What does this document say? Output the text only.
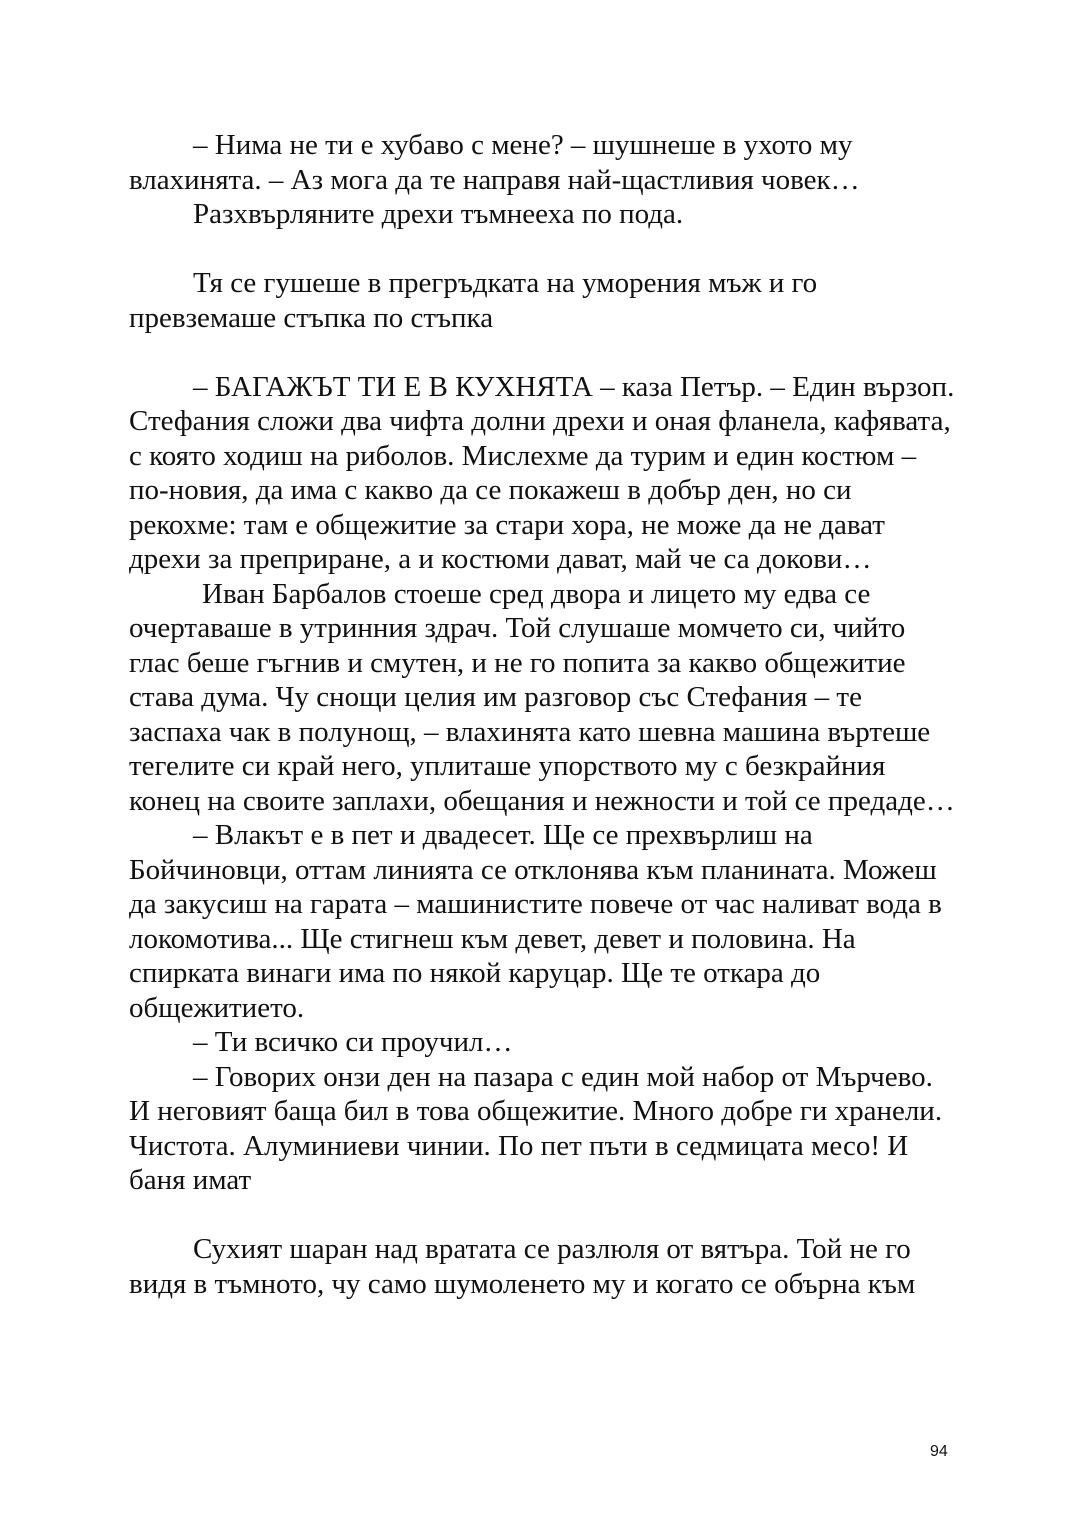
– Нима не ти е хубаво с мене? – шушнеше в ухото му влахинята. – Аз мога да те направя най-щастливия човек…

Разхвърляните дрехи тъмнееха по пода.

Тя се гушеше в прегръдката на уморения мъж и го превземаше стъпка по стъпка

– БАГАЖЪТ ТИ Е В КУХНЯТА – каза Петър. – Един вързоп. Стефания сложи два чифта долни дрехи и оная фланела, кафявата, с която ходиш на риболов. Мислехме да турим и един костюм – по-новия, да има с какво да се покажеш в добър ден, но си рекохме: там е общежитие за стари хора, не може да не дават дрехи за преприране, а и костюми дават, май че са докови…

Иван Барбалов стоеше сред двора и лицето му едва се очертаваше в утринния здрач. Той слушаше момчето си, чийто глас беше гъгнив и смутен, и не го попита за какво общежитие става дума. Чу снощи целия им разговор със Стефания – те заспаха чак в полунощ, – влахинята като шевна машина въртеше тегелите си край него, уплиташе упорството му с безкрайния конец на своите заплахи, обещания и нежности и той се предаде…

– Влакът е в пет и двадесет. Ще се прехвърлиш на Бойчиновци, оттам линията се отклонява към планината. Можеш да закусиш на гарата – машинистите повече от час наливат вода в локомотива... Ще стигнеш към девет, девет и половина. На спирката винаги има по някой каруцар. Ще те откара до общежитието.

– Ти всичко си проучил…

– Говорих онзи ден на пазара с един мой набор от Мърчево. И неговият баща бил в това общежитие. Много добре ги хранели. Чистота. Алуминиеви чинии. По пет пъти в седмицата месо! И баня имат

Сухият шаран над вратата се разлюля от вятъра. Той не го видя в тъмното, чу само шумоленето му и когато се обърна към

94
